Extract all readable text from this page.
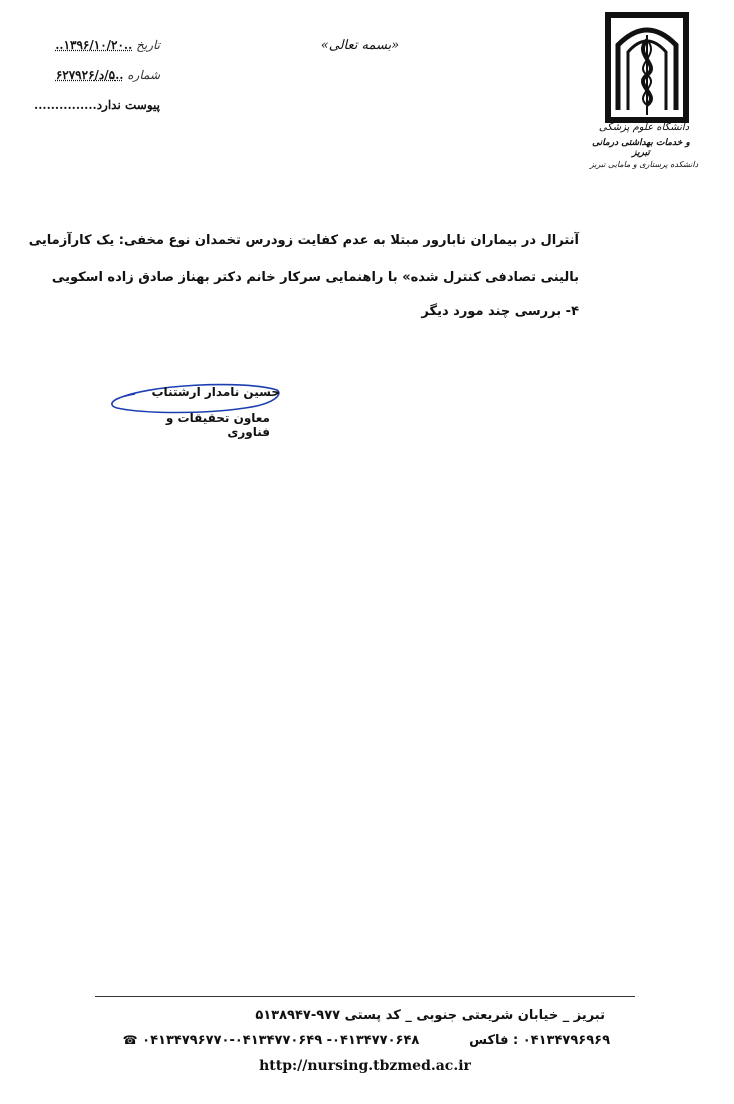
دانشگاه علوم پزشکی
و خدمات بهداشتی درمانی تبریز
دانشکده پرستاری و مامایی تبریز
«بسمه تعالی»
تاریخ ..۱۳۹۶/۱۰/۲۰..
شماره ..۵/د/۶۲۷۹۲۶
پیوست ندارد...............
آنترال در بیماران نابارور مبتلا به عدم کفایت زودرس تخمدان نوع مخفی: یک کارآزمایی
بالینی تصادفی کنترل شده» با راهنمایی سرکار خانم دکتر بهناز صادق زاده اسکویی
۴- بررسی چند مورد دیگر
حسین نامدار ارشتناب
معاون تحقیقات و فناوری
تبریز _ خیابان شریعتی جنوبی _ کد پستی ۹۷۷-۵۱۳۸۹۴۷
۰۴۱۳۴۷۹۶۹۶۹ : فاکس           ۰۴۱۳۴۷۷۰۶۴۸- ۰۴۱۳۴۷۷۰۶۴۹-۰۴۱۳۴۷۹۶۷۷۰ ☎
http://nursing.tbzmed.ac.ir
